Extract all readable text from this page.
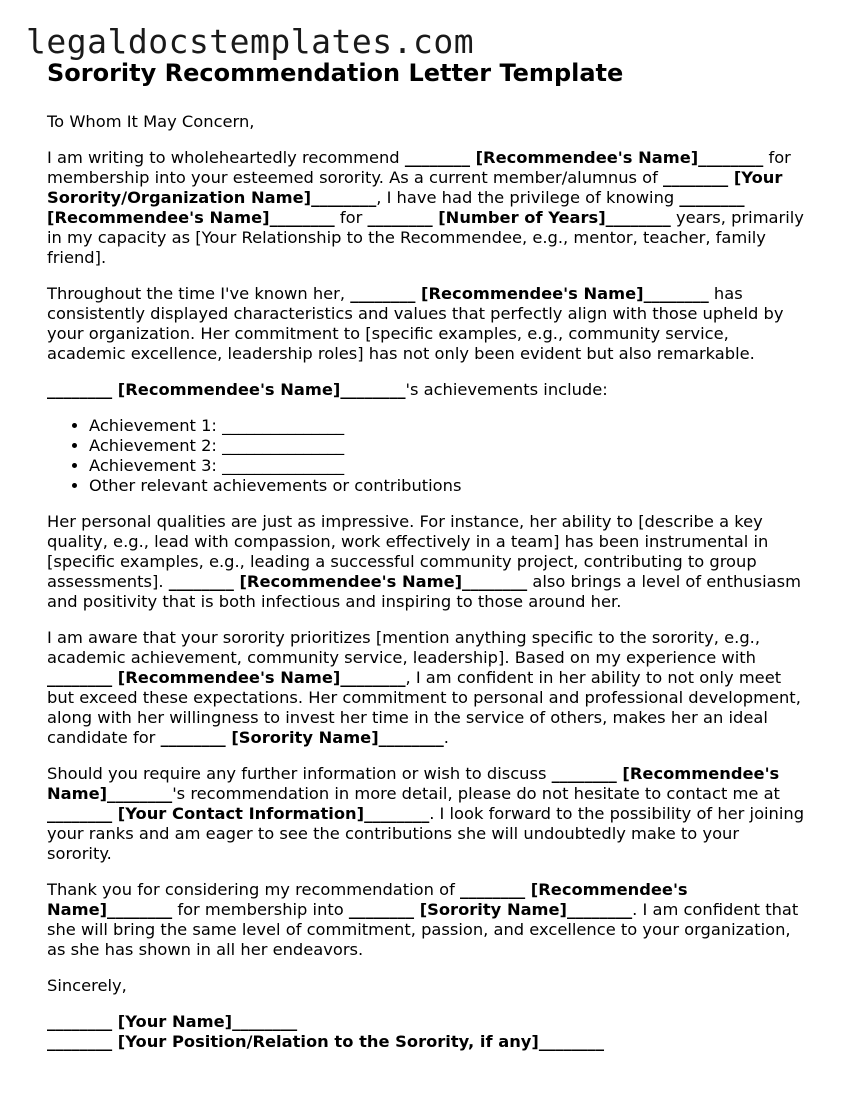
legaldocstemplates.com
Sorority Recommendation Letter Template

To Whom It May Concern,

I am writing to wholeheartedly recommend ________ [Recommendee's Name]________ for membership into your esteemed sorority. As a current member/alumnus of ________ [Your Sorority/Organization Name]________, I have had the privilege of knowing ________ [Recommendee's Name]________ for ________ [Number of Years]________ years, primarily in my capacity as [Your Relationship to the Recommendee, e.g., mentor, teacher, family friend].

Throughout the time I've known her, ________ [Recommendee's Name]________ has consistently displayed characteristics and values that perfectly align with those upheld by your organization. Her commitment to [specific examples, e.g., community service, academic excellence, leadership roles] has not only been evident but also remarkable.

________ [Recommendee's Name]________'s achievements include:

• Achievement 1: _______________
• Achievement 2: _______________
• Achievement 3: _______________
• Other relevant achievements or contributions

Her personal qualities are just as impressive. For instance, her ability to [describe a key quality, e.g., lead with compassion, work effectively in a team] has been instrumental in [specific examples, e.g., leading a successful community project, contributing to group assessments]. ________ [Recommendee's Name]________ also brings a level of enthusiasm and positivity that is both infectious and inspiring to those around her.

I am aware that your sorority prioritizes [mention anything specific to the sorority, e.g., academic achievement, community service, leadership]. Based on my experience with ________ [Recommendee's Name]________, I am confident in her ability to not only meet but exceed these expectations. Her commitment to personal and professional development, along with her willingness to invest her time in the service of others, makes her an ideal candidate for ________ [Sorority Name]________.

Should you require any further information or wish to discuss ________ [Recommendee's Name]________'s recommendation in more detail, please do not hesitate to contact me at ________ [Your Contact Information]________. I look forward to the possibility of her joining your ranks and am eager to see the contributions she will undoubtedly make to your sorority.

Thank you for considering my recommendation of ________ [Recommendee's Name]________ for membership into ________ [Sorority Name]________. I am confident that she will bring the same level of commitment, passion, and excellence to your organization, as she has shown in all her endeavors.

Sincerely,

________ [Your Name]________

________ [Your Position/Relation to the Sorority, if any]________
